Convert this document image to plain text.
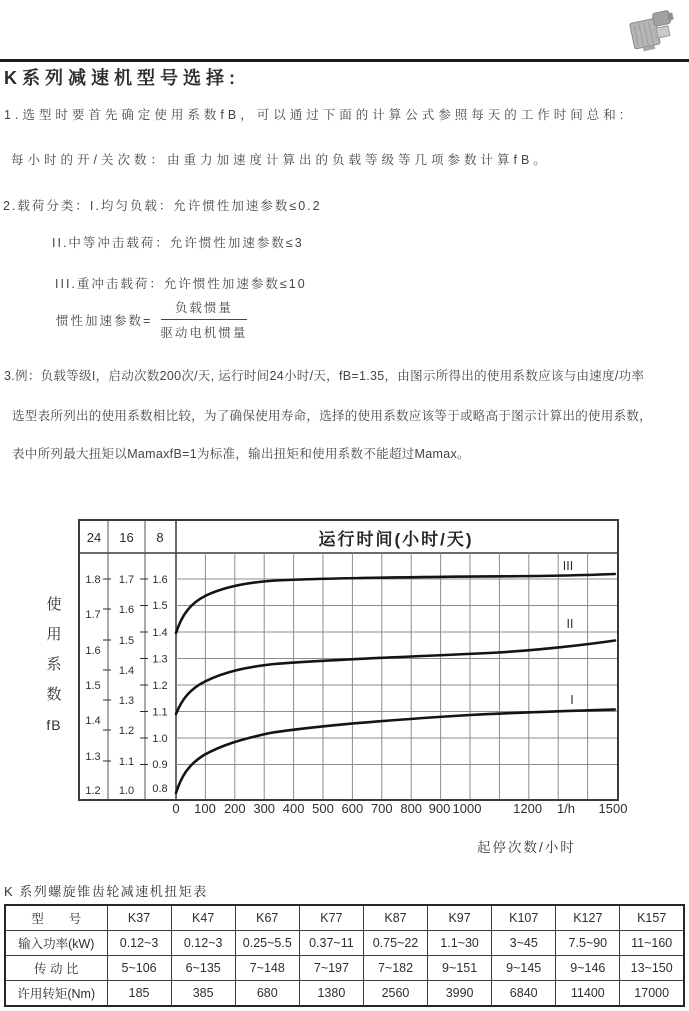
K系列减速机型号选择:
1.选型时要首先确定使用系数fB，可以通过下面的计算公式参照每天的工作时间总和:
每小时的开/关次数：由重力加速度计算出的负载等级等几项参数计算fB。
2.载荷分类：I.均匀负载：允许惯性加速参数≤0.2
II.中等冲击载荷：允许惯性加速参数≤3
III.重冲击载荷：允许惯性加速参数≤10
惯性加速参数= $\frac{\text{负载惯量}}{\text{驱动电机惯量}}$
3.例：负载等级I，启动次数200次/天, 运行时间24小时/天，fB=1.35，由图示所得出的使用系数应该与由速度/功率
选型表所列出的使用系数相比较，为了确保使用寿命，选择的使用系数应该等于或略高于图示计算出的使用系数，
表中所列最大扭矩以MamaxfB=1为标准，输出扭矩和使用系数不能超过Mamax。
使
用
系
数
fB
24 16 8	运行时间(小时/天)
1.8
1.7
1.6
1.5
1.4
1.3
1.2
1.7
1.6
1.5
1.4
1.3
1.2
1.1
1.0
1.6
1.5
1.4
1.3
1.2
1.1
1.0
0.9
0.8
I
II
III
0 100 200 300 400 500 600 700 800 900 1000 1200 1/h 1500
起停次数/小时
K 系列螺旋锥齿轮减速机扭矩表
型　　号	K37	K47	K67	K77	K87	K97	K107	K127	K157
输入功率(kW)	0.12~3	0.12~3	0.25~5.5	0.37~11	0.75~22	1.1~30	3~45	7.5~90	11~160
传 动 比	5~106	6~135	7~148	7~197	7~182	9~151	9~145	9~146	13~150
许用转矩(Nm)	185	385	680	1380	2560	3990	6840	11400	17000
